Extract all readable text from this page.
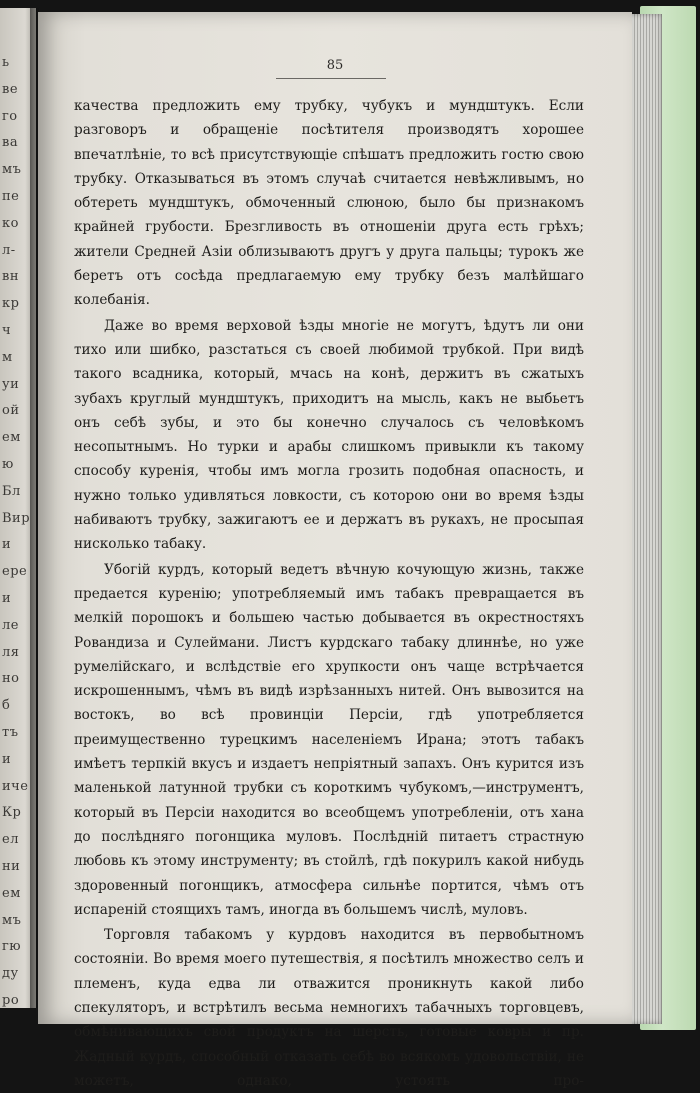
ь
ве
го
ва
мъ
пе
ко
л-
вн
кр
ч
м
уи
ой
ем
ю
Бл
Вир
и
ере
и
ле
ля
но
б
тъ
и
иче
Кр
ел
ни
ем
мъ
гю
ду
ро
85

качества предложить ему трубку, чубукъ и мундштукъ. Если разговоръ и обращеніе посѣтителя производятъ хорошее впечатлѣніе, то всѣ присутствующіе спѣшатъ предложить гостю свою трубку. Отказываться въ этомъ случаѣ считается невѣжливымъ, но обтереть мундштукъ, обмоченный слюною, было бы признакомъ крайней грубости. Брезгливость въ отношеніи друга есть грѣхъ; жители Средней Азіи облизываютъ другъ у друга пальцы; турокъ же беретъ отъ сосѣда предлагаемую ему трубку безъ малѣйшаго колебанія.

Даже во время верховой ѣзды многіе не могутъ, ѣдутъ ли они тихо или шибко, разстаться съ своей любимой трубкой. При видѣ такого всадника, который, мчась на конѣ, держитъ въ сжатыхъ зубахъ круглый мундштукъ, приходитъ на мысль, какъ не выбьетъ онъ себѣ зубы, и это бы конечно случалось съ человѣкомъ несопытнымъ. Но турки и арабы слишкомъ привыкли къ такому способу куренія, чтобы имъ могла грозить подобная опасность, и нужно только удивляться ловкости, съ которою они во время ѣзды набиваютъ трубку, зажигаютъ ее и держатъ въ рукахъ, не просыпая нисколько табаку.

Убогій курдъ, который ведетъ вѣчную кочующую жизнь, также предается куренію; употребляемый имъ табакъ превращается въ мелкій порошокъ и большею частью добывается въ окрестностяхъ Ровандиза и Сулеймани. Листъ курдскаго табаку длиннѣе, но уже румелійскаго, и вслѣдствіе его хрупкости онъ чаще встрѣчается искрошеннымъ, чѣмъ въ видѣ изрѣзанныхъ нитей. Онъ вывозится на востокъ, во всѣ провинціи Персіи, гдѣ употребляется преимущественно турецкимъ населеніемъ Ирана; этотъ табакъ имѣетъ терпкій вкусъ и издаетъ непріятный запахъ. Онъ курится изъ маленькой латунной трубки съ короткимъ чубукомъ,—инструментъ, который въ Персіи находится во всеобщемъ употребленіи, отъ хана до послѣдняго погонщика муловъ. Послѣдній питаетъ страстную любовь къ этому инструменту; въ стойлѣ, гдѣ покурилъ какой нибудь здоровенный погонщикъ, атмосфера сильнѣе портится, чѣмъ отъ испареній стоящихъ тамъ, иногда въ большемъ числѣ, муловъ.

Торговля табакомъ у курдовъ находится въ первобытномъ состояніи. Во время моего путешествія, я посѣтилъ множество селъ и племенъ, куда едва ли отважится проникнуть какой либо спекуляторъ, и встрѣтилъ весьма немногихъ табачныхъ торговцевъ, обмѣнивающихъ свой продуктъ на шерсть, готовые ковры и пр. Жадный курдъ, способный отказать себѣ во всякомъ удовольствіи, не можетъ, однако, устоять про-
